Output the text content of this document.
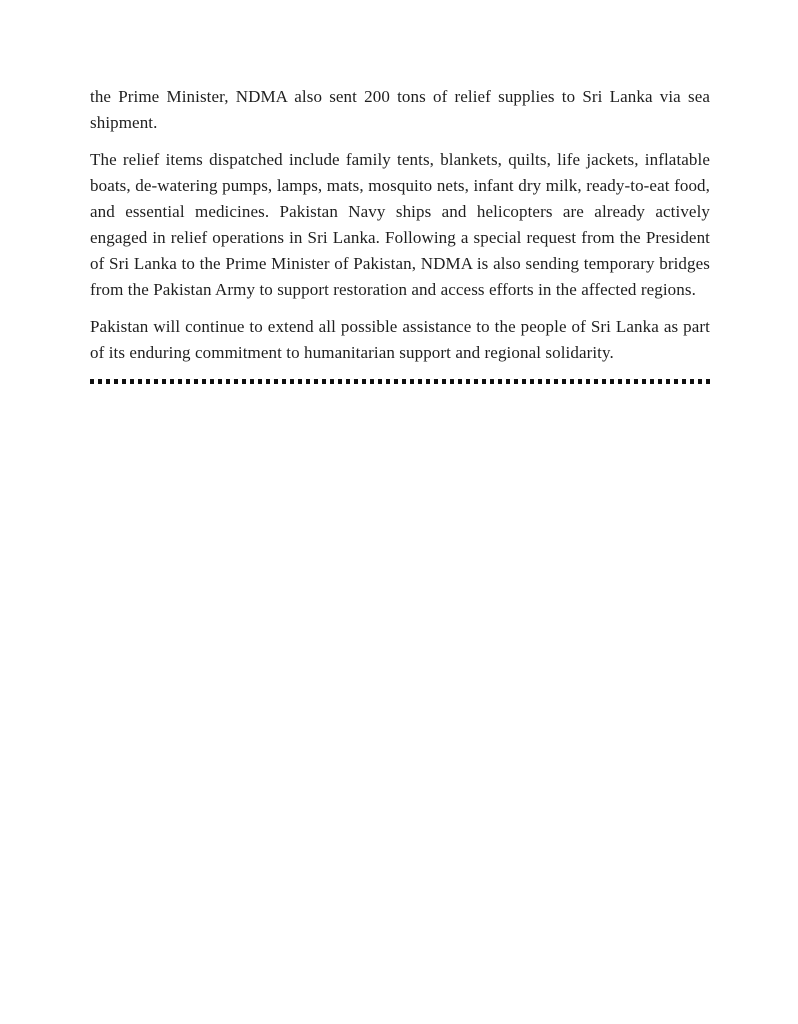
the Prime Minister, NDMA also sent 200 tons of relief supplies to Sri Lanka via sea shipment.

The relief items dispatched include family tents, blankets, quilts, life jackets, inflatable boats, de-watering pumps, lamps, mats, mosquito nets, infant dry milk, ready-to-eat food, and essential medicines. Pakistan Navy ships and helicopters are already actively engaged in relief operations in Sri Lanka. Following a special request from the President of Sri Lanka to the Prime Minister of Pakistan, NDMA is also sending temporary bridges from the Pakistan Army to support restoration and access efforts in the affected regions.

Pakistan will continue to extend all possible assistance to the people of Sri Lanka as part of its enduring commitment to humanitarian support and regional solidarity.
